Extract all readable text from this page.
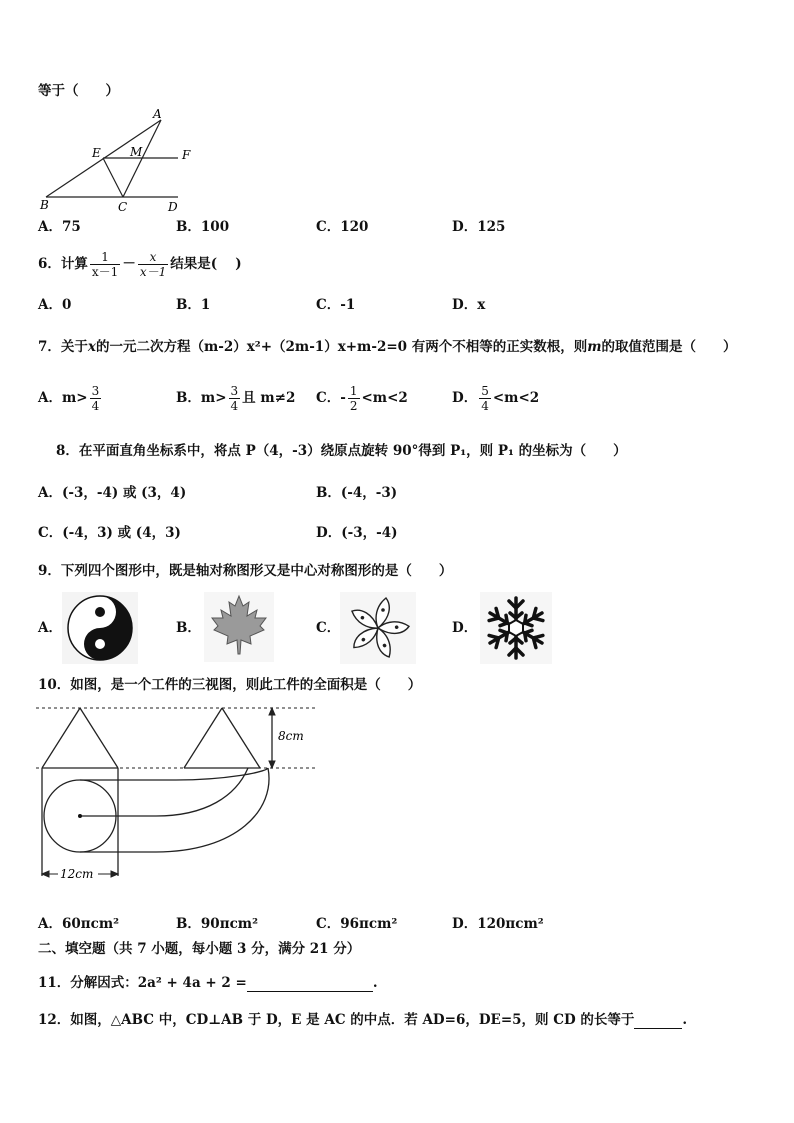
等于（　　）
A
E M	F
B	C	D
A．75	B．100	C．120	D．125
6．计算 $\frac{1}{x-1} - \frac{x}{x-1}$ 结果是(　 )
A．0	B．1	C．-1	D．x
7．关于x的一元二次方程（m-2）x²+（2m-1）x+m-2=0 有两个不相等的正实数根，则m的取值范围是（　　）
A．$m> \frac{3}{4}$	B．$m> \frac{3}{4}$ 且 m≠2 C．- $\frac{1}{2} <m<2$	D． $\frac{5}{4} <m<2$
8．在平面直角坐标系中，将点 P（4，-3）绕原点旋转 90°得到 P₁，则 P₁ 的坐标为（　　）
A．(-3，-4) 或 (3，4)	B．(-4，-3)
C．(-4，3) 或 (4，3)	D．(-3，-4)
9．下列四个图形中，既是轴对称图形又是中心对称图形的是（　　）
A．	B．	C．	D．
10．如图，是一个工件的三视图，则此工件的全面积是（　　）
8cm
12cm
A．60πcm²	B．90πcm²	C．96πcm²	D．120πcm²
二、填空题（共 7 小题，每小题 3 分，满分 21 分）
11．分解因式：2a² + 4a + 2 =	.
12．如图，△ABC 中，CD⊥AB 于 D，E 是 AC 的中点．若 AD=6，DE=5，则 CD 的长等于	.
